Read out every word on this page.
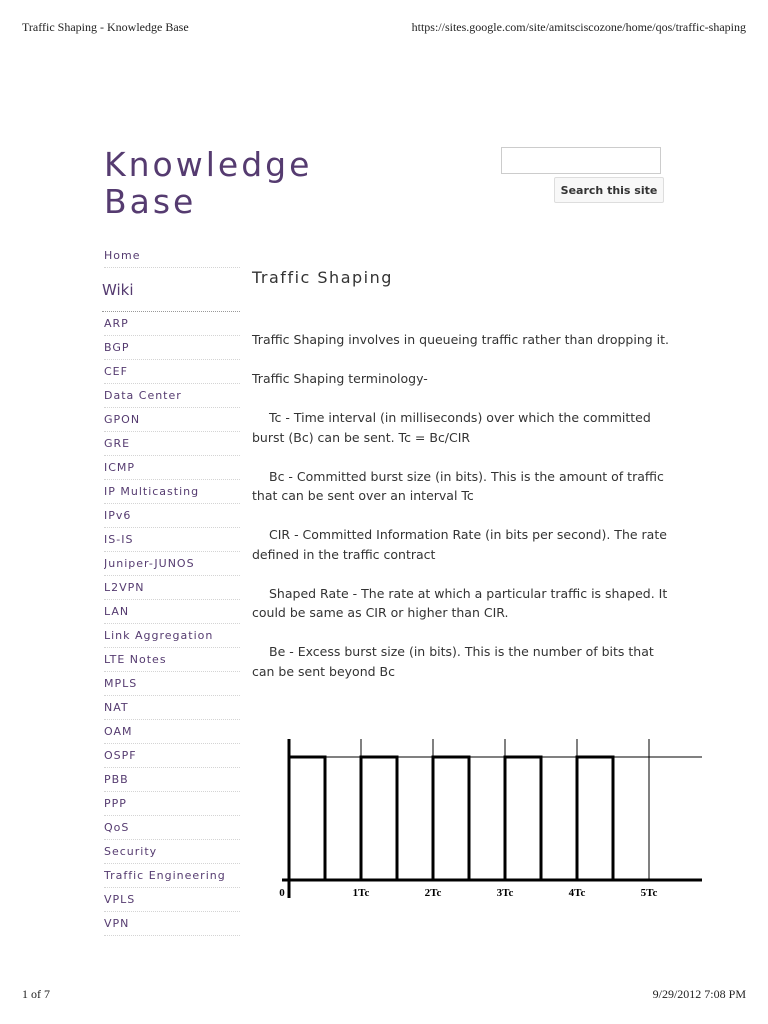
Traffic Shaping - Knowledge Base	https://sites.google.com/site/amitsciscozone/home/qos/traffic-shaping
Knowledge Base	Search this site
Home
Wiki
ARP
BGP
CEF
Data Center
GPON
GRE
ICMP
IP Multicasting
IPv6
IS-IS
Juniper-JUNOS
L2VPN
LAN
Link Aggregation
LTE Notes
MPLS
NAT
OAM
OSPF
PBB
PPP
QoS
Security
Traffic Engineering
VPLS
VPN
Traffic Shaping

Traffic Shaping involves in queueing traffic rather than dropping it.

Traffic Shaping terminology-

Tc - Time interval (in milliseconds) over which the committed burst (Bc) can be sent. Tc = Bc/CIR

Bc - Committed burst size (in bits). This is the amount of traffic that can be sent over an interval Tc

CIR - Committed Information Rate (in bits per second). The rate defined in the traffic contract

Shaped Rate - The rate at which a particular traffic is shaped. It could be same as CIR or higher than CIR.

Be - Excess burst size (in bits). This is the number of bits that can be sent beyond Bc

0	1Tc	2Tc	3Tc	4Tc	5Tc
1 of 7	9/29/2012 7:08 PM
